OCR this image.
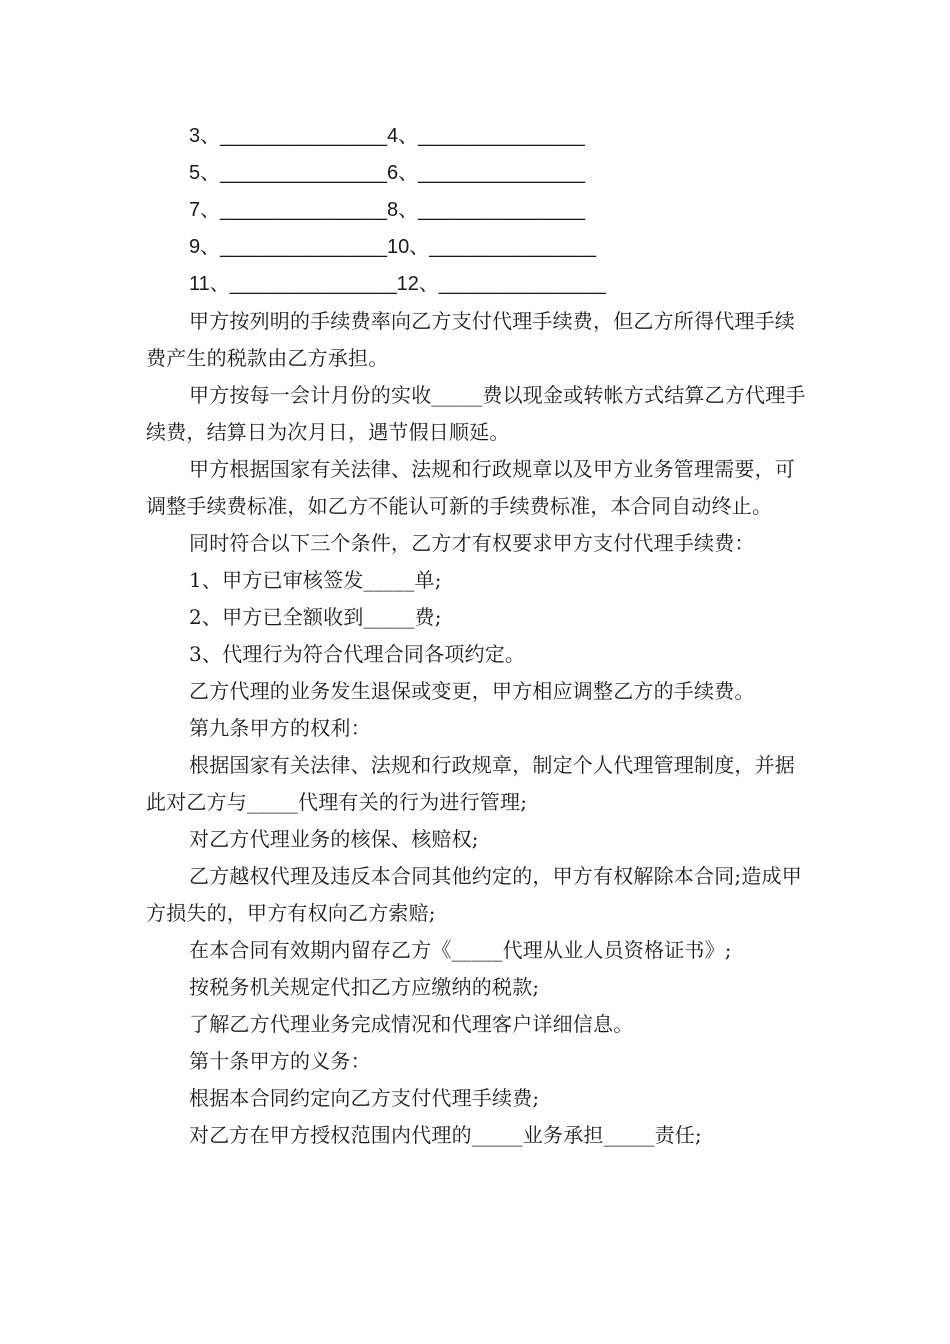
3、_______________4、_______________

5、_______________6、_______________

7、_______________8、_______________

9、_______________10、_______________

11、_______________12、_______________

甲方按列明的手续费率向乙方支付代理手续费，但乙方所得代理手续费产生的税款由乙方承担。

甲方按每一会计月份的实收_____费以现金或转帐方式结算乙方代理手续费，结算日为次月日，遇节假日顺延。

甲方根据国家有关法律、法规和行政规章以及甲方业务管理需要，可调整手续费标准，如乙方不能认可新的手续费标准，本合同自动终止。

同时符合以下三个条件，乙方才有权要求甲方支付代理手续费：

1、甲方已审核签发_____单;

2、甲方已全额收到_____费;

3、代理行为符合代理合同各项约定。

乙方代理的业务发生退保或变更，甲方相应调整乙方的手续费。

第九条甲方的权利：

根据国家有关法律、法规和行政规章，制定个人代理管理制度，并据此对乙方与_____代理有关的行为进行管理;

对乙方代理业务的核保、核赔权;

乙方越权代理及违反本合同其他约定的，甲方有权解除本合同;造成甲方损失的，甲方有权向乙方索赔;

在本合同有效期内留存乙方《_____代理从业人员资格证书》;

按税务机关规定代扣乙方应缴纳的税款;

了解乙方代理业务完成情况和代理客户详细信息。

第十条甲方的义务：

根据本合同约定向乙方支付代理手续费;

对乙方在甲方授权范围内代理的_____业务承担_____责任;
